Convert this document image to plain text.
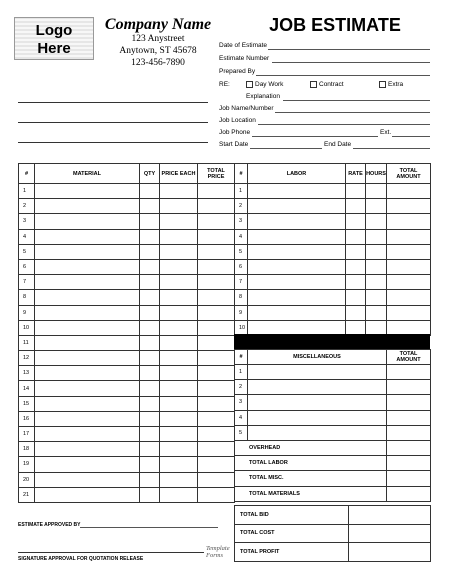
Logo
Here
Company Name
123 Anystreet
Anytown, ST 45678
123-456-7890
JOB ESTIMATE
Date of Estimate
Estimate Number
Prepared By
RE:	Day Work	Contract	Extra
Explanation
Job Name/Number
Job Location
Job Phone	Ext.
Start Date	End Date
#	MATERIAL	QTY	PRICE EACH	TOTAL PRICE
1				
2				
3				
4				
5				
6				
7				
8				
9				
10				
11				
12				
13				
14				
15				
16				
17				
18				
19				
20				
21				
#	LABOR	RATE	HOURS	TOTAL AMOUNT
1				
2				
3				
4				
5				
6				
7				
8				
9				
10				
#	MISCELLANEOUS	TOTAL AMOUNT
1		
2		
3		
4		
5		
OVERHEAD		
TOTAL LABOR		
TOTAL MISC.		
TOTAL MATERIALS		
TOTAL BID	
TOTAL COST	
TOTAL PROFIT	
ESTIMATE APPROVED BY
SIGNATURE APPROVAL FOR QUOTATION RELEASE
Template
Forms
